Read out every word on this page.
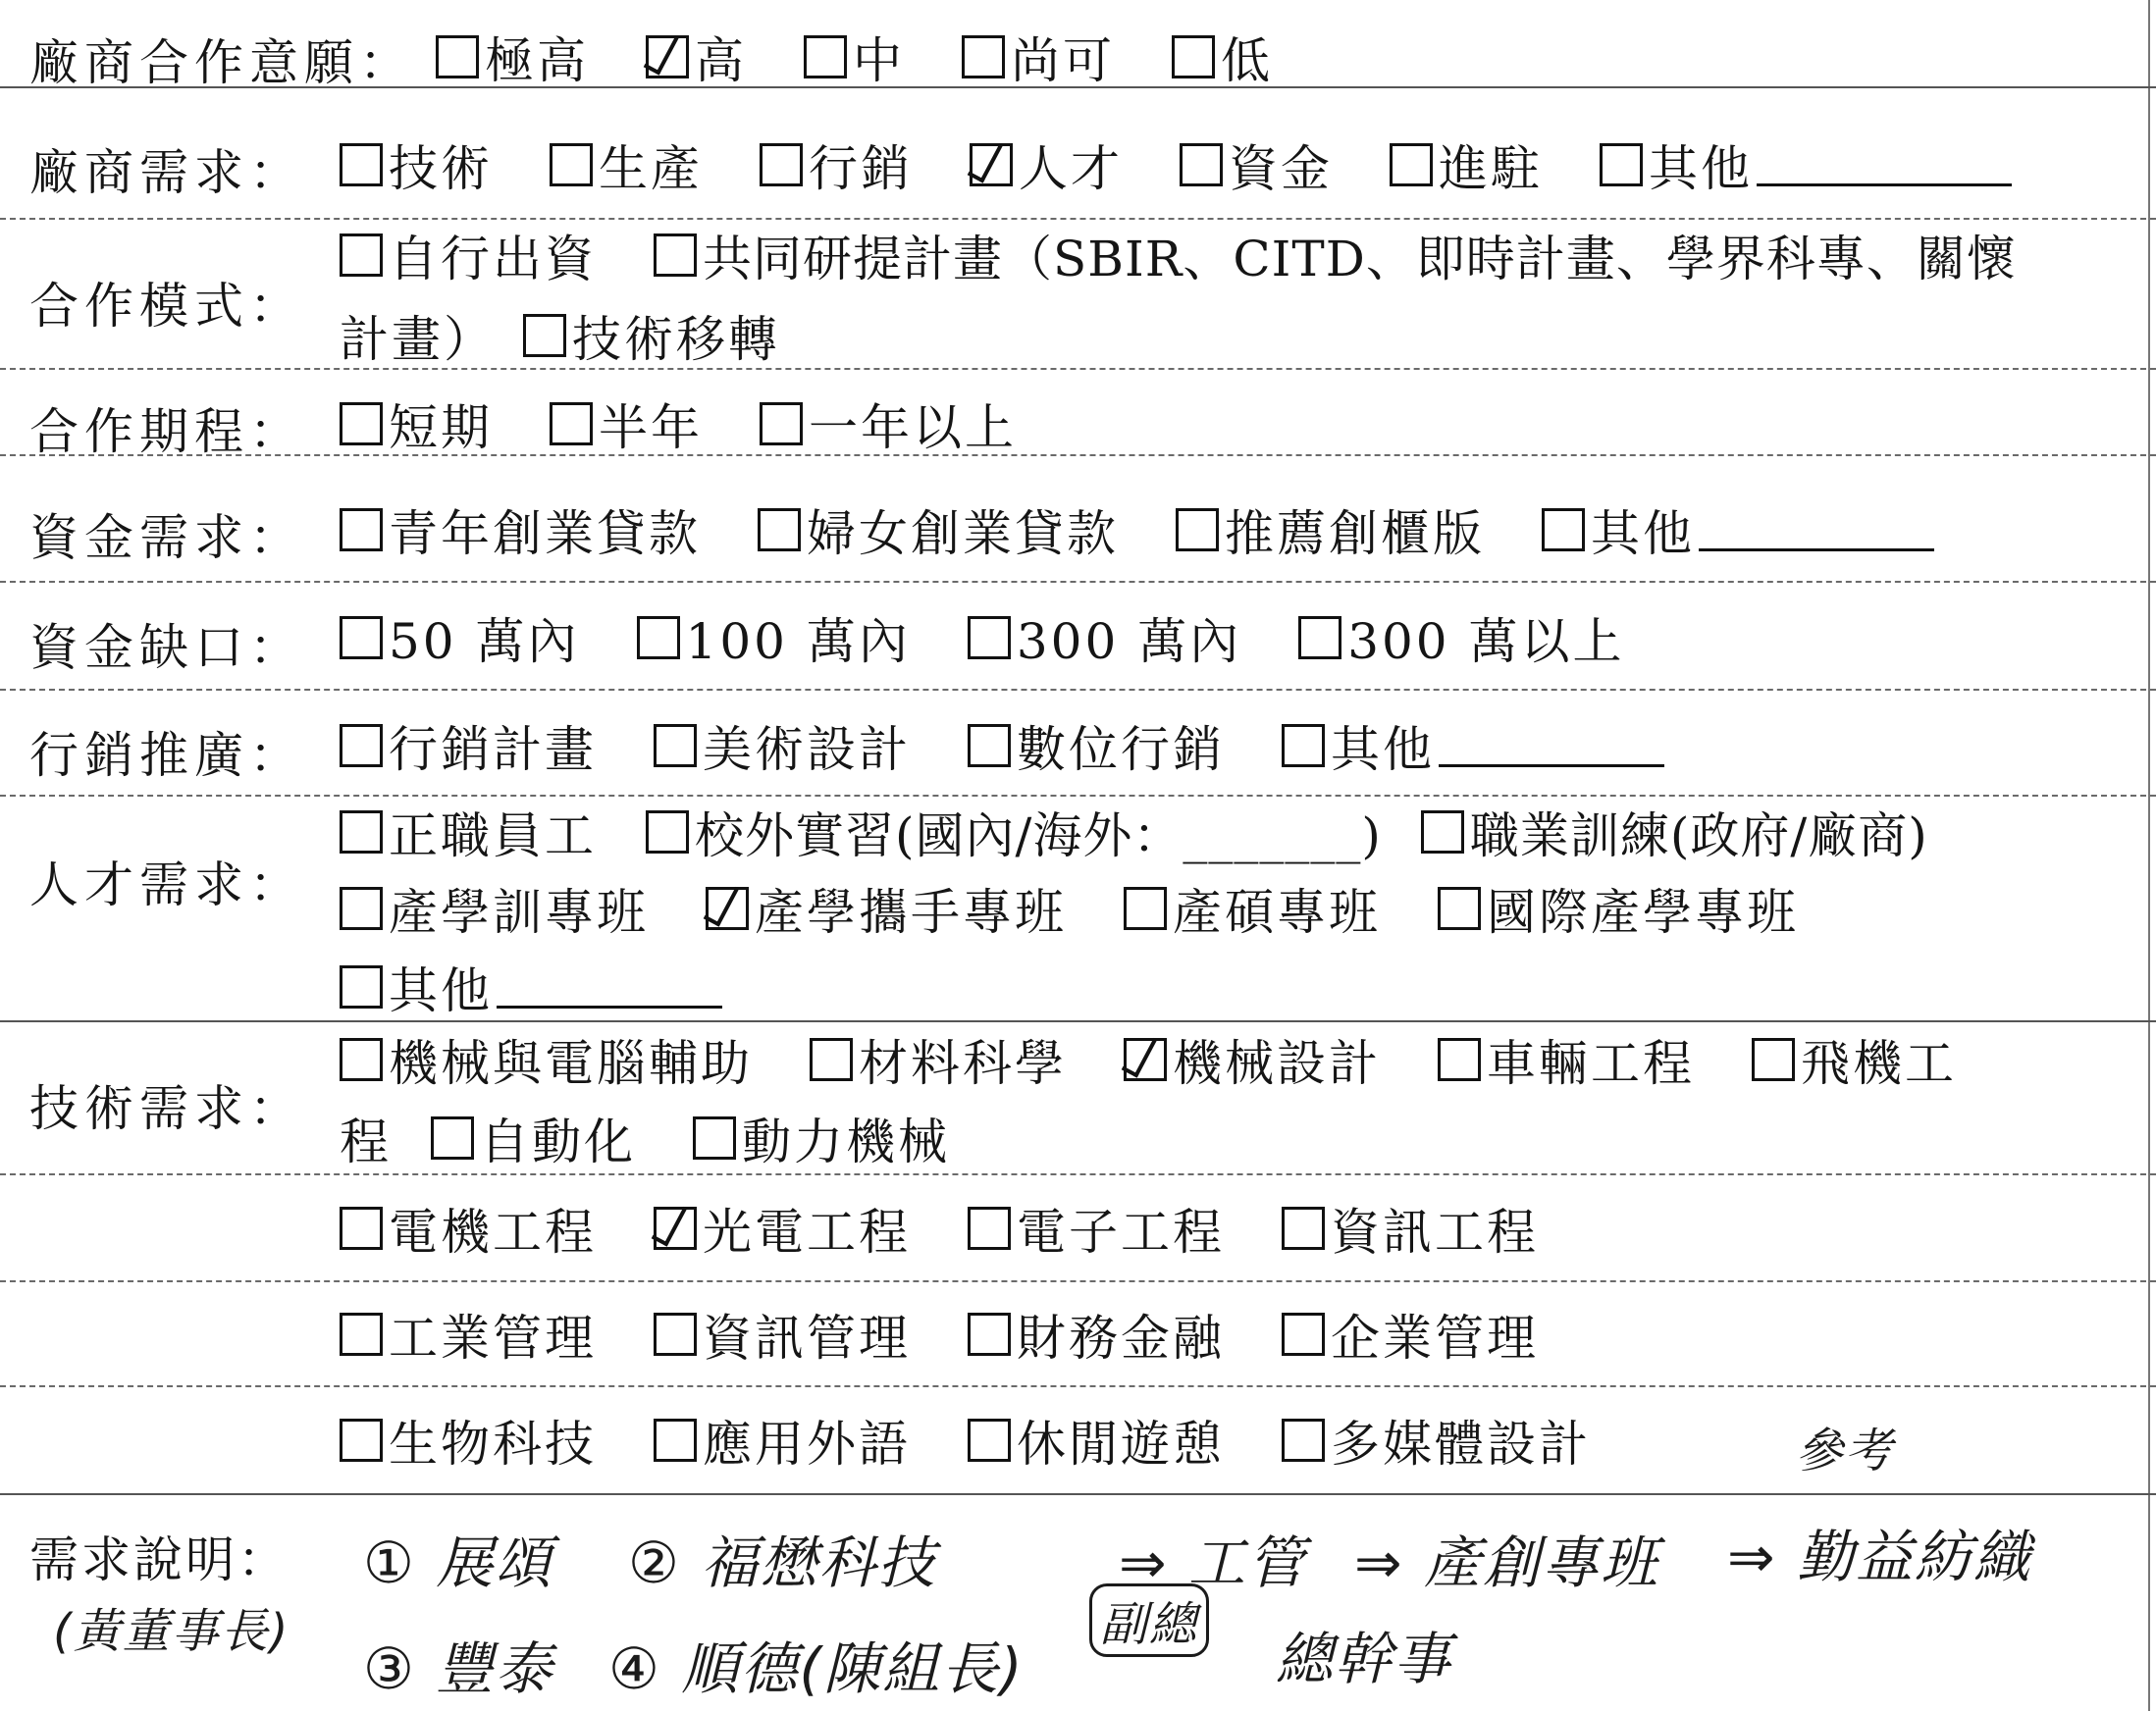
廠商合作意願： 極高 高 中 尚可 低
廠商需求： 技術 生產 行銷 人才 資金 進駐 其他
合作模式：
自行出資 共同研提計畫（SBIR、CITD、即時計畫、學界科專、關懷
計畫） 技術移轉
合作期程： 短期 半年 一年以上
資金需求： 青年創業貸款 婦女創業貸款 推薦創櫃版 其他
資金缺口： 50 萬內 100 萬內 300 萬內 300 萬以上
行銷推廣： 行銷計畫 美術設計 數位行銷 其他
人才需求：
正職員工 校外實習(國內/海外：_______) 職業訓練(政府/廠商)
產學訓專班 產學攜手專班 產碩專班 國際產學專班
其他
技術需求：
機械與電腦輔助 材料科學 機械設計 車輛工程 飛機工
程 自動化 動力機械
電機工程 光電工程 電子工程 資訊工程
工業管理 資訊管理 財務金融 企業管理
生物科技 應用外語 休閒遊憩 多媒體設計
需求說明：
(黃董事長)
① 展頌 ② 福懋科技	⇒ 工管 ⇒ 產創專班 ⇒ 勤益紡織
參考
③ 豐泰 ④ 順德(陳組長)
副總
總幹事
